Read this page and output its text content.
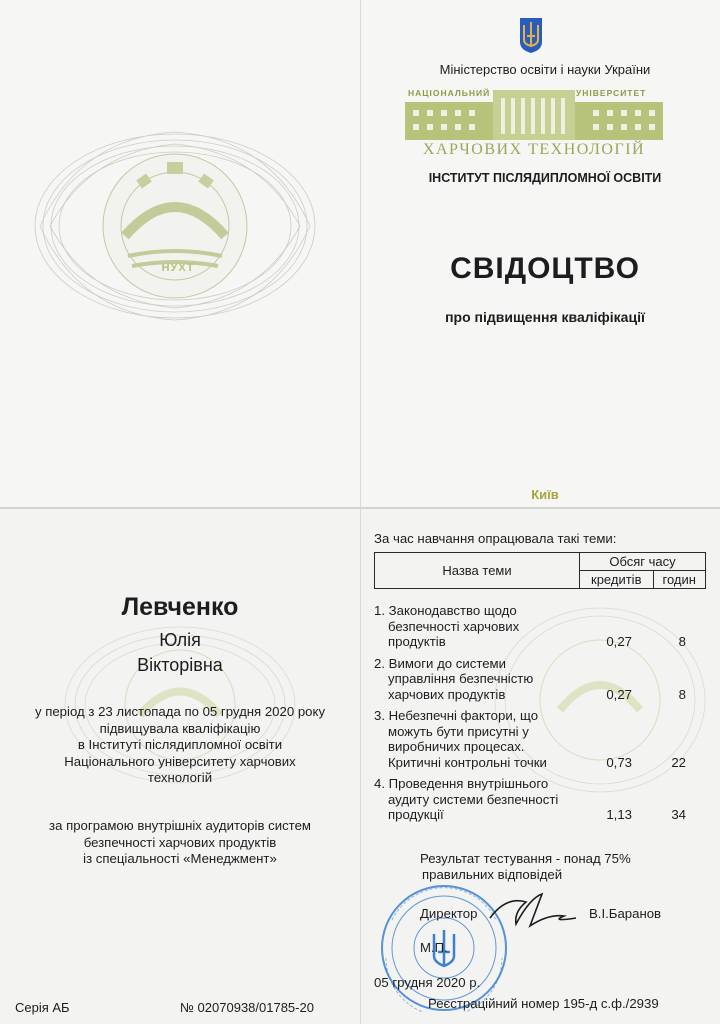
НУХТ
Міністерство освіти і науки України
НАЦІОНАЛЬНИЙ	УНІВЕРСИТЕТ
ХАРЧОВИХ ТЕХНОЛОГІЙ
ІНСТИТУТ ПІСЛЯДИПЛОМНОЇ ОСВІТИ
СВІДОЦТВО
про підвищення кваліфікації
Київ
Левченко
Юлія
Вікторівна
у період з 23 листопада по 05 грудня 2020 року
підвищувала кваліфікацію
в Інституті післядипломної освіти
Національного університету харчових
технологій
за програмою внутрішніх аудиторів систем
безпечності харчових продуктів
із спеціальності «Менеджмент»
Серія АБ	№ 02070938/01785-20
За час навчання опрацювала такі теми:
Назва теми	Обсяг часу	
	кредитів	годин
1. Законодавство щодо
безпечності харчових
продуктів	0,27	8
2. Вимоги до системи
управління безпечністю
харчових продуктів	0,27	8
3. Небезпечні фактори, що
можуть бути присутні у
виробничих процесах.
Критичні контрольні точки	0,73	22
4. Проведення внутрішнього
аудиту системи безпечності
продукції	1,13	34
Результат тестування - понад 75%
правильних відповідей
Директор	В.І.Баранов
М.П.
05 грудня 2020 р.
Реєстраційний номер 195-д с.ф./2939
